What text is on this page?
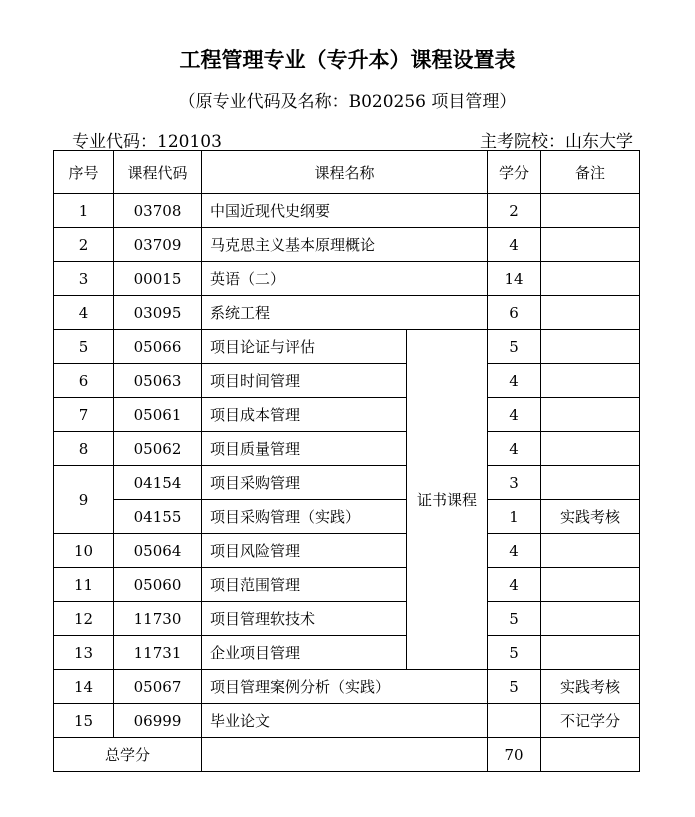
工程管理专业（专升本）课程设置表
（原专业代码及名称：B020256 项目管理）
专业代码：120103	主考院校：山东大学
序号	课程代码	课程名称		学分	备注
1	03708	中国近现代史纲要		2	
2	03709	马克思主义基本原理概论		4	
3	00015	英语（二）		14	
4	03095	系统工程		6	
5	05066	项目论证与评估	证书课程	5	
6	05063	项目时间管理		4	
7	05061	项目成本管理		4	
8	05062	项目质量管理		4	
9	04154	项目采购管理		3	
	04155	项目采购管理（实践）		1	实践考核
10	05064	项目风险管理		4	
11	05060	项目范围管理		4	
12	11730	项目管理软技术		5	
13	11731	企业项目管理		5	
14	05067	项目管理案例分析（实践）		5	实践考核
15	06999	毕业论文			不记学分
总学分				70	
